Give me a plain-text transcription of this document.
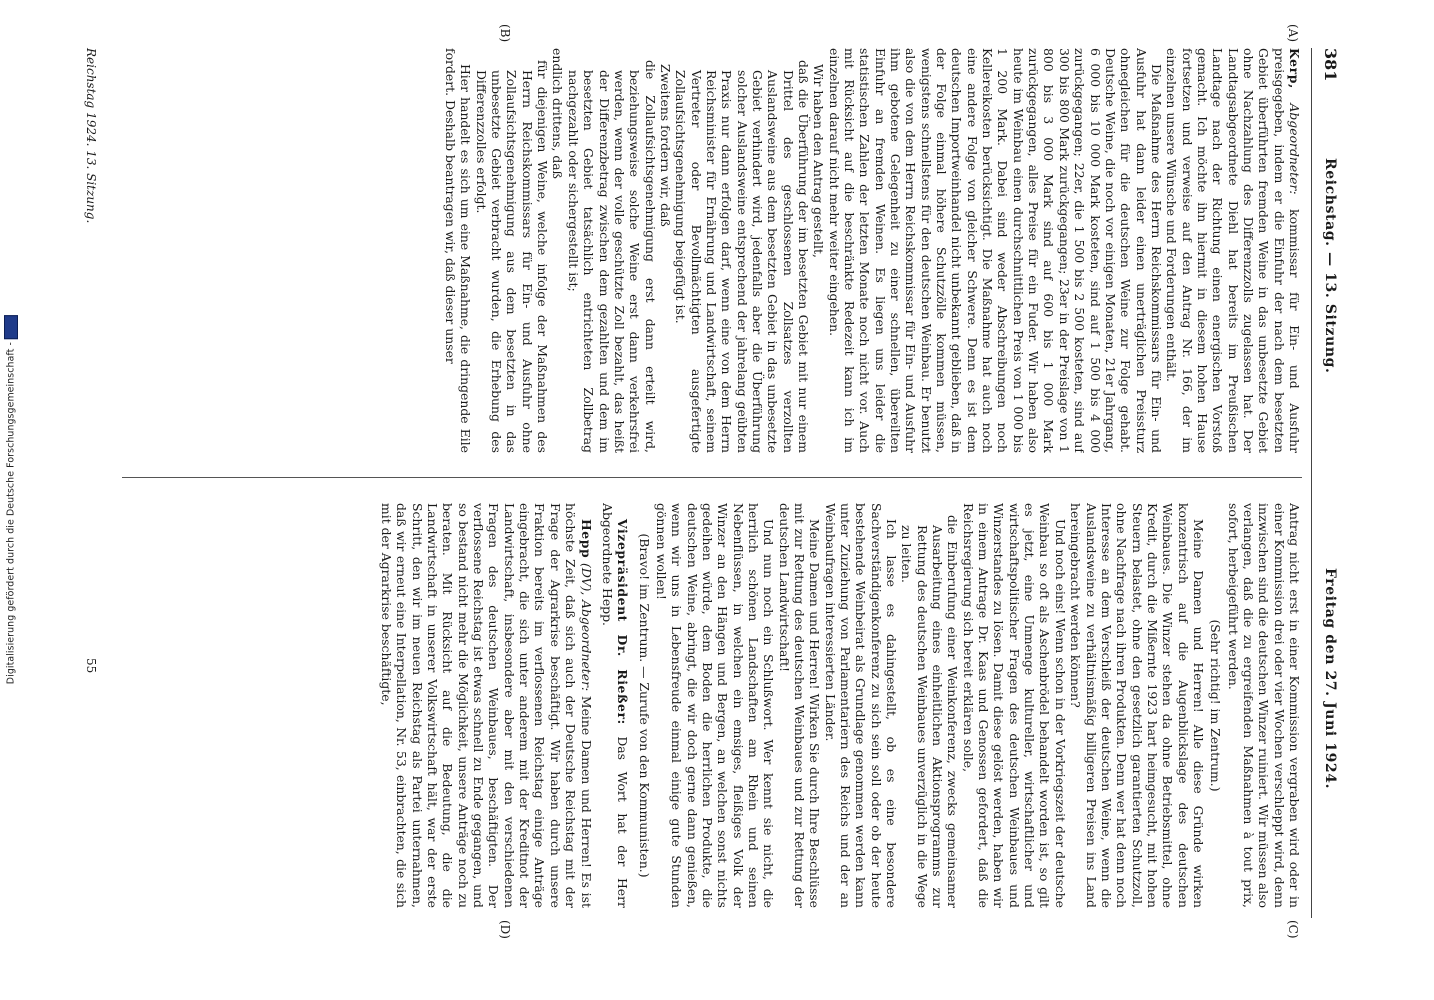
Digitalisierung gefördert durch die Deutsche Forschungsgemeinschaft -
381
Reichstag. — 13. Sitzung.
Freitag den 27. Juni 1924.
(A)
(B)
(C)
(D)

Kerp, Abgeordneter: kommissar für Ein- und Ausfuhr preisgegeben, indem er die Einfuhr der nach dem besetzten Gebiet überführten fremden Weine in das unbesetzte Gebiet ohne Nachzahlung des Differenzzolls zugelassen hat. Der Landtagsabgeordnete Diehl hat bereits im Preußischen Landtage nach der Richtung einen energischen Vorstoß gemacht. Ich möchte ihn hiermit in diesem hohen Hause fortsetzen und verweise auf den Antrag Nr. 166, der im einzelnen unsere Wünsche und Forderungen enthält.

Die Maßnahme des Herrn Reichskommissars für Ein- und Ausfuhr hat dann leider einen unerträglichen Preissturz ohnegleichen für die deutschen Weine zur Folge gehabt. Deutsche Weine, die noch vor einigen Monaten, 21er Jahrgang, 6 000 bis 10 000 Mark kosteten, sind auf 1 500 bis 4 000 zurückgegangen; 22er, die 1 500 bis 2 500 kosteten, sind auf 300 bis 800 Mark zurückgegangen; 23er in der Preislage von 1 800 bis 3 000 Mark sind auf 600 bis 1 000 Mark zurückgegangen, alles Preise für ein Fuder. Wir haben also heute im Weinbau einen durchschnittlichen Preis von 1 000 bis 1 200 Mark. Dabei sind weder Abschreibungen noch Kellereikosten berücksichtigt. Die Maßnahme hat auch noch eine andere Folge von gleicher Schwere. Denn es ist dem deutschen Importweinhandel nicht unbekannt geblieben, daß in der Folge einmal höhere Schutzzölle kommen müssen, wenigstens schnellstens für den deutschen Weinbau. Er benutzt also die von dem Herrn Reichskommissar für Ein- und Ausfuhr ihm gebotene Gelegenheit zu einer schnellen, übereilten Einfuhr an fremden Weinen. Es liegen uns leider die statistischen Zahlen der letzten Monate noch nicht vor. Auch mit Rücksicht auf die beschränkte Redezeit kann ich im einzelnen darauf nicht mehr weiter eingehen.

Wir haben den Antrag gestellt,

daß die Überführung der im besetzten Gebiet mit nur einem Drittel des geschlossenen Zollsatzes verzollten Auslandsweine aus dem besetzten Gebiet in das unbesetzte Gebiet verhindert wird, jedenfalls aber die Überführung solcher Auslandsweine entsprechend der jahrelang geübten Praxis nur dann erfolgen darf, wenn eine von dem Herrn Reichsminister für Ernährung und Landwirtschaft, seinem Vertreter oder Bevollmächtigten ausgefertigte Zollaufsichtsgenehmigung beigefügt ist.

Zweitens fordern wir, daß

die Zollaufsichtsgenehmigung erst dann erteilt wird, beziehungsweise solche Weine erst dann verkehrsfrei werden, wenn der volle geschützte Zoll bezahlt, das heißt der Differenzbetrag zwischen dem gezahlten und dem im besetzten Gebiet tatsächlich entrichteten Zollbetrag nachgezahlt oder sichergestellt ist;

endlich drittens, daß

für diejenigen Weine, welche infolge der Maßnahmen des Herrn Reichskommissars für Ein- und Ausfuhr ohne Zollaufsichtsgenehmigung aus dem besetzten in das unbesetzte Gebiet verbracht wurden, die Erhebung des Differenzzolles erfolgt.

Hier handelt es sich um eine Maßnahme, die dringende Eile fordert. Deshalb beantragen wir, daß dieser unser

Antrag nicht erst in einer Kommission vergraben wird oder in einer Kommission drei oder vier Wochen verschleppt wird, denn inzwischen sind die deutschen Winzer ruiniert. Wir müssen also verlangen, daß die zu ergreifenden Maßnahmen à tout prix, sofort, herbeigeführt werden.

(Sehr richtig! im Zentrum.)

Meine Damen und Herren! Alle diese Gründe wirken konzentrisch auf die Augenblickslage des deutschen Weinbaues. Die Winzer stehen da ohne Betriebsmittel, ohne Kredit, durch die Mißernte 1923 hart heimgesucht, mit hohen Steuern belastet, ohne den gesetzlich garantierten Schutzzoll, ohne Nachfrage nach ihren Produkten. Denn wer hat denn noch Interesse an dem Verschleiß der deutschen Weine, wenn die Auslandsweine zu verhältnismäßig billigeren Preisen ins Land hereingebracht werden können?

Und noch eins! Wenn schon in der Vorkriegszeit der deutsche Weinbau so oft als Aschenbrödel behandelt worden ist, so gilt es jetzt, eine Unmenge kultureller, wirtschaftlicher und wirtschaftspolitischer Fragen des deutschen Weinbaues und Winzerstandes zu lösen. Damit diese gelöst werden, haben wir in einem Antrage Dr. Kaas und Genossen gefordert, daß die Reichsregierung sich bereit erklären solle,

die Einberufung einer Weinkonferenz, zwecks gemeinsamer Ausarbeitung eines einheitlichen Aktionsprogramms zur Rettung des deutschen Weinbaues unverzüglich in die Wege zu leiten.

Ich lasse es dahingestellt, ob es eine besondere Sachverständigenkonferenz zu sich sein soll oder ob der heute bestehende Weinbeirat als Grundlage genommen werden kann unter Zuziehung von Parlamentariern des Reichs und der an Weinbaufragen interessierten Länder.

Meine Damen und Herren! Wirken Sie durch Ihre Beschlüsse mit zur Rettung des deutschen Weinbaues und zur Rettung der deutschen Landwirtschaft!

Und nun noch ein Schlußwort. Wer kennt sie nicht, die herrlich schönen Landschaften am Rhein und seinen Nebenflüssen, in welchen ein emsiges, fleißiges Volk der Winzer an den Hängen und Bergen, an welchen sonst nichts gedeihen würde, dem Boden die herrlichen Produkte, die deutschen Weine, abringt, die wir doch gerne dann genießen, wenn wir uns in Lebensfreude einmal einige gute Stunden gönnen wollen!

(Bravo! im Zentrum. — Zurufe von den Kommunisten.)

Vizepräsident Dr. Rießer: Das Wort hat der Herr Abgeordnete Hepp.

Hepp (DV), Abgeordneter: Meine Damen und Herren! Es ist höchste Zeit, daß sich auch der Deutsche Reichstag mit der Frage der Agrarkrise beschäftigt. Wir haben durch unsere Fraktion bereits im verflossenen Reichstag einige Anträge eingebracht, die sich unter anderem mit der Kreditnot der Landwirtschaft, insbesondere aber mit den verschiedenen Fragen des deutschen Weinbaues, beschäftigten. Der verflossene Reichstag ist etwas schnell zu Ende gegangen, und so bestand nicht mehr die Möglichkeit, unsere Anträge noch zu beraten. Mit Rücksicht auf die Bedeutung, die die Landwirtschaft in unserer Volkswirtschaft hält, war der erste Schritt, den wir im neuen Reichstag als Partei unternahmen, daß wir erneut eine Interpellation, Nr. 53, einbrachten, die sich mit der Agrarkrise beschäftigte,

Reichstag 1924. 13. Sitzung.
55
